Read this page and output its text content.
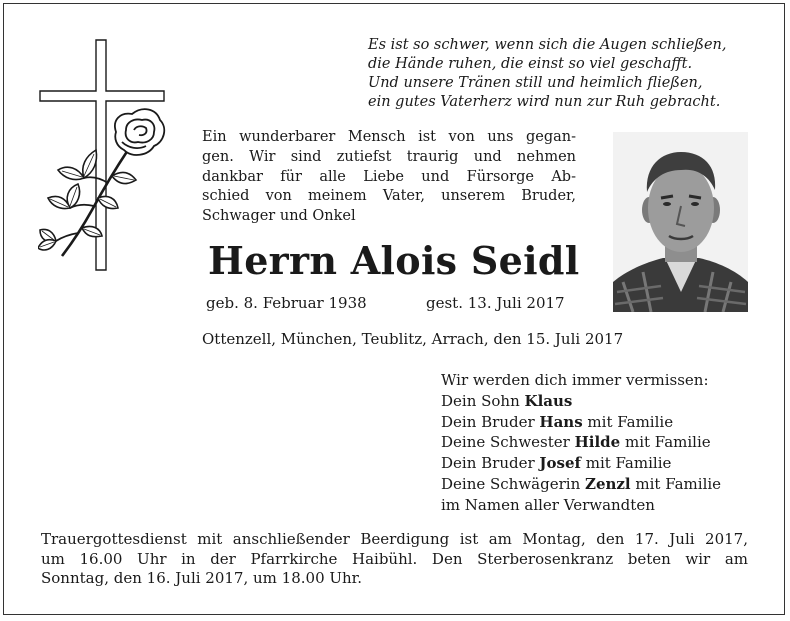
Es ist so schwer, wenn sich die Augen schließen,
die Hände ruhen, die einst so viel geschafft.
Und unsere Tränen still und heimlich fließen,
ein gutes Vaterherz wird nun zur Ruh gebracht.
Ein wunderbarer Mensch ist von uns gegan-
gen. Wir sind zutiefst traurig und nehmen
dankbar für alle Liebe und Fürsorge Ab-
schied von meinem Vater, unserem Bruder,
Schwager und Onkel
Herrn Alois Seidl
geb. 8. Februar 1938	gest. 13. Juli 2017
Ottenzell, München, Teublitz, Arrach, den 15. Juli 2017
Wir werden dich immer vermissen:
Dein Sohn Klaus
Dein Bruder Hans mit Familie
Deine Schwester Hilde mit Familie
Dein Bruder Josef mit Familie
Deine Schwägerin Zenzl mit Familie
im Namen aller Verwandten
Trauergottesdienst mit anschließender Beerdigung ist am Montag, den 17. Juli 2017,
um 16.00 Uhr in der Pfarrkirche Haibühl. Den Sterberosenkranz beten wir am
Sonntag, den 16. Juli 2017, um 18.00 Uhr.
